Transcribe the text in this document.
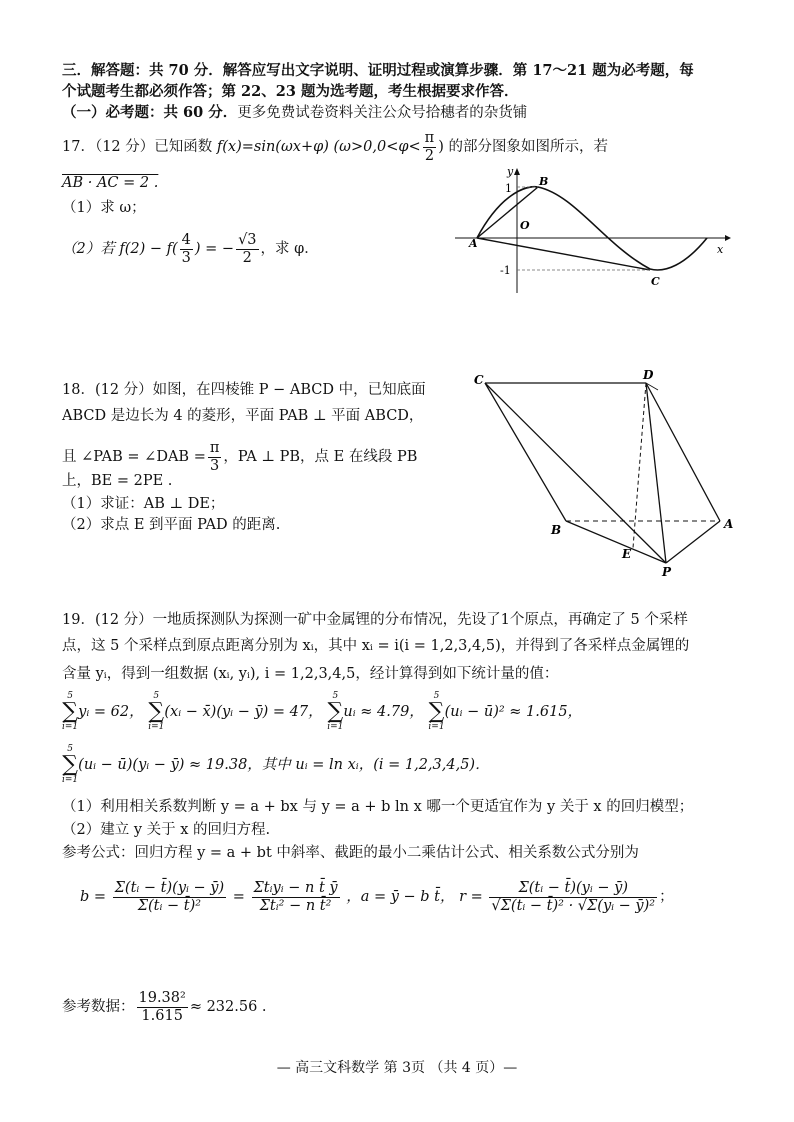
三．解答题：共 70 分．解答应写出文字说明、证明过程或演算步骤．第 17～21 题为必考题，每
个试题考生都必须作答；第 22、23 题为选考题，考生根据要求作答．
（一）必考题：共 60 分．更多免费试卷资料关注公众号拾穗者的杂货铺
17．（12 分）已知函数 f(x)=sin(ωx+φ) ($\omega>0,0<\varphi< \frac{\pi}{2}$ ) 的部分图象如图所示，若
AB · AC = 2 .
（1）求 ω；
（2）若 $f(2) - f( \frac{4}{3}$ ) = − $\frac{√3}{2}$ ，求 φ．
y
x
1
-1
O
A
B
C
18．(12 分）如图，在四棱锥 P − ABCD 中，已知底面
ABCD 是边长为 4 的菱形，平面 PAB ⊥ 平面 ABCD，
且 ∠PAB = ∠DAB = $\frac{\pi}{3}$ ，PA ⊥ PB，点 E 在线段 PB
上，BE = 2PE .
（1）求证：AB ⊥ DE；
（2）求点 E 到平面 PAD 的距离.
C	D
B	A
E
P
19．(12 分）一地质探测队为探测一矿中金属锂的分布情况，先设了1个原点，再确定了 5 个采样
点，这 5 个采样点到原点距离分别为 xᵢ，其中 xᵢ = i(i = 1,2,3,4,5)，并得到了各采样点金属锂的
含量 yᵢ，得到一组数据 (xᵢ, yᵢ), i = 1,2,3,4,5，经计算得到如下统计量的值：
5
∑
i=1
yᵢ = 62，
5
∑
i=1
(xᵢ − x̄)(yᵢ − ȳ) = 47，
5
∑
i=1
uᵢ ≈ 4.79，
5
∑
i=1
(uᵢ − ū)² ≈ 1.615，
5
∑
i=1
(uᵢ − ū)(yᵢ − ȳ) ≈ 19.38，其中 uᵢ = ln xᵢ，(i = 1,2,3,4,5)．
（1）利用相关系数判断 y = a + bx 与 y = a + b ln x 哪一个更适宜作为 y 关于 x 的回归模型；
（2）建立 y 关于 x 的回归方程.
参考公式：回归方程 y = a + bt 中斜率、截距的最小二乘估计公式、相关系数公式分别为
$b = \frac{\text{Σ(tᵢ − t̄)(yᵢ − ȳ)}}{\text{Σ(tᵢ − t̄)²}} = \frac{\text{Σtᵢyᵢ − n t̄ ȳ}}{\text{Σtᵢ² − n t̄²}}$ ，a = ȳ − b t̄， $r = \frac{\text{Σ(tᵢ − t̄)(yᵢ − ȳ)}}{\text{√Σ(tᵢ − t̄)² · √Σ(yᵢ − ȳ)²}}$ ；
参考数据： $\frac{\text{19.38²}}{1.615} \approx 232.56$ .
— 高三文科数学 第 3页 （共 4 页）—
